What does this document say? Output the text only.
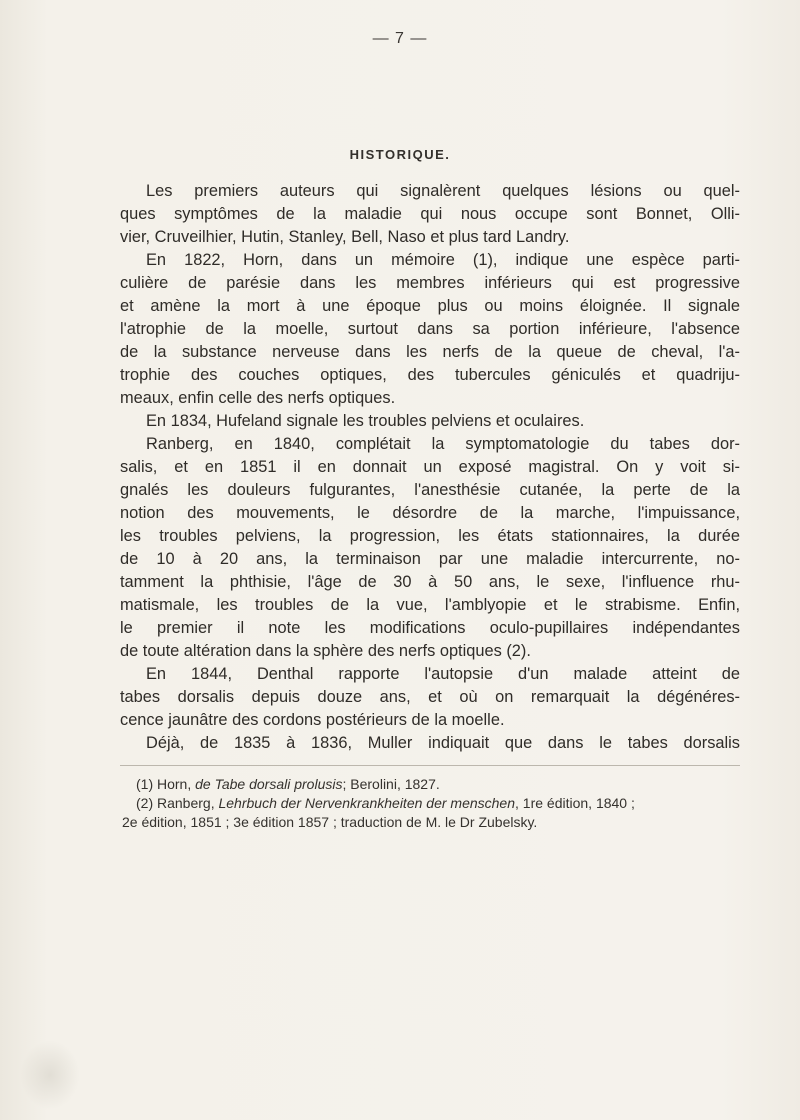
— 7 —
HISTORIQUE.
Les premiers auteurs qui signalèrent quelques lésions ou quel-
ques symptômes de la maladie qui nous occupe sont Bonnet, Olli-
vier, Cruveilhier, Hutin, Stanley, Bell, Naso et plus tard Landry.
En 1822, Horn, dans un mémoire (1), indique une espèce parti-
culière de parésie dans les membres inférieurs qui est progressive
et amène la mort à une époque plus ou moins éloignée. Il signale
l'atrophie de la moelle, surtout dans sa portion inférieure, l'absence
de la substance nerveuse dans les nerfs de la queue de cheval, l'a-
trophie des couches optiques, des tubercules géniculés et quadriju-
meaux, enfin celle des nerfs optiques.
En 1834, Hufeland signale les troubles pelviens et oculaires.
Ranberg, en 1840, complétait la symptomatologie du tabes dor-
salis, et en 1851 il en donnait un exposé magistral. On y voit si-
gnalés les douleurs fulgurantes, l'anesthésie cutanée, la perte de la
notion des mouvements, le désordre de la marche, l'impuissance,
les troubles pelviens, la progression, les états stationnaires, la durée
de 10 à 20 ans, la terminaison par une maladie intercurrente, no-
tamment la phthisie, l'âge de 30 à 50 ans, le sexe, l'influence rhu-
matismale, les troubles de la vue, l'amblyopie et le strabisme. Enfin,
le premier il note les modifications oculo-pupillaires indépendantes
de toute altération dans la sphère des nerfs optiques (2).
En 1844, Denthal rapporte l'autopsie d'un malade atteint de
tabes dorsalis depuis douze ans, et où on remarquait la dégénéres-
cence jaunâtre des cordons postérieurs de la moelle.
Déjà, de 1835 à 1836, Muller indiquait que dans le tabes dorsalis
(1) Horn, de Tabe dorsali prolusis; Berolini, 1827.
(2) Ranberg, Lehrbuch der Nervenkrankheiten der menschen, 1re édition, 1840 ;
2e édition, 1851 ; 3e édition 1857 ; traduction de M. le Dr Zubelsky.
